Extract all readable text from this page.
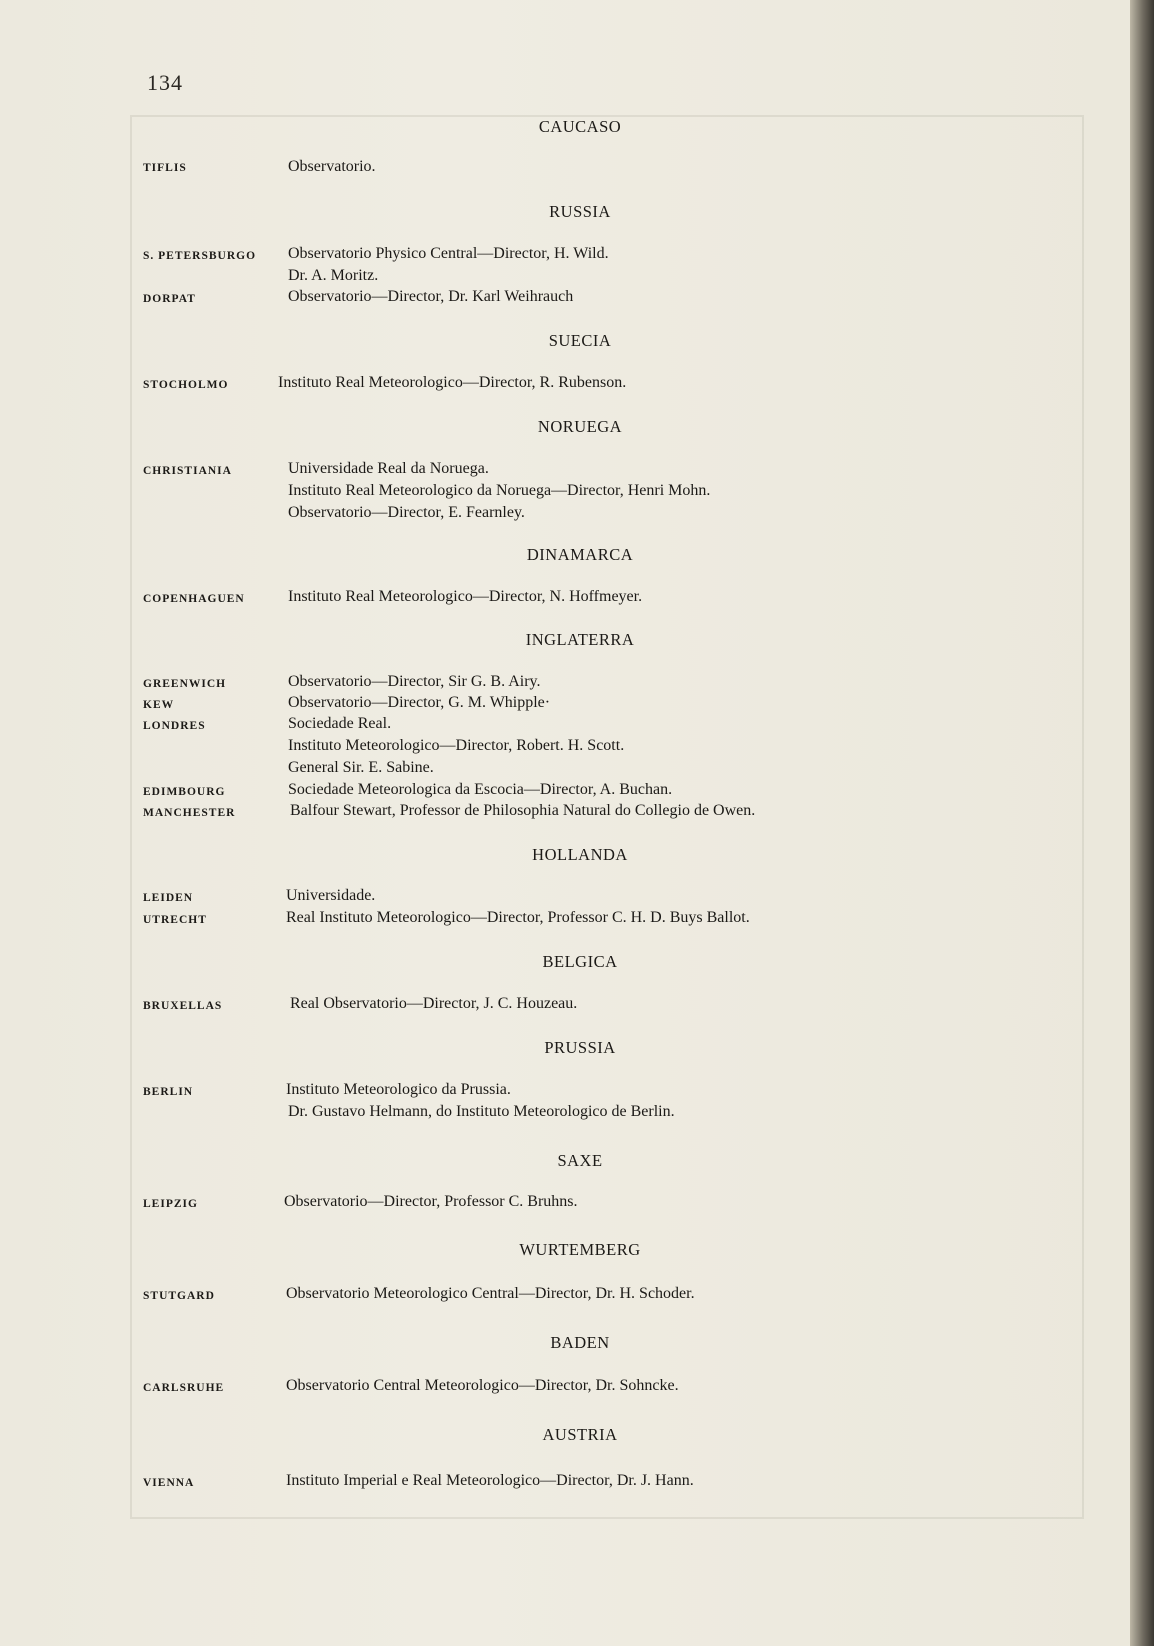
134
CAUCASO
TIFLIS	Observatorio.
RUSSIA
S. PETERSBURGO Observatorio Physico Central—Director, H. Wild.
Dr. A. Moritz.
DORPAT	Observatorio—Director, Dr. Karl Weihrauch
SUECIA
STOCHOLMO	Instituto Real Meteorologico—Director, R. Rubenson.
NORUEGA
CHRISTIANIA	Universidade Real da Noruega.
Instituto Real Meteorologico da Noruega—Director, Henri Mohn.
Observatorio—Director, E. Fearnley.
DINAMARCA
COPENHAGUEN	Instituto Real Meteorologico—Director, N. Hoffmeyer.
INGLATERRA
GREENWICH	Observatorio—Director, Sir G. B. Airy.
KEW	Observatorio—Director, G. M. Whipple·
LONDRES	Sociedade Real.
Instituto Meteorologico—Director, Robert. H. Scott.
General Sir. E. Sabine.
EDIMBOURG	Sociedade Meteorologica da Escocia—Director, A. Buchan.
MANCHESTER	Balfour Stewart, Professor de Philosophia Natural do Collegio de Owen.
HOLLANDA
LEIDEN	Universidade.
UTRECHT	Real Instituto Meteorologico—Director, Professor C. H. D. Buys Ballot.
BELGICA
BRUXELLAS	Real Observatorio—Director, J. C. Houzeau.
PRUSSIA
BERLIN	Instituto Meteorologico da Prussia.
Dr. Gustavo Helmann, do Instituto Meteorologico de Berlin.
SAXE
LEIPZIG	Observatorio—Director, Professor C. Bruhns.
WURTEMBERG
STUTGARD	Observatorio Meteorologico Central—Director, Dr. H. Schoder.
BADEN
CARLSRUHE	Observatorio Central Meteorologico—Director, Dr. Sohncke.
AUSTRIA
VIENNA	Instituto Imperial e Real Meteorologico—Director, Dr. J. Hann.
